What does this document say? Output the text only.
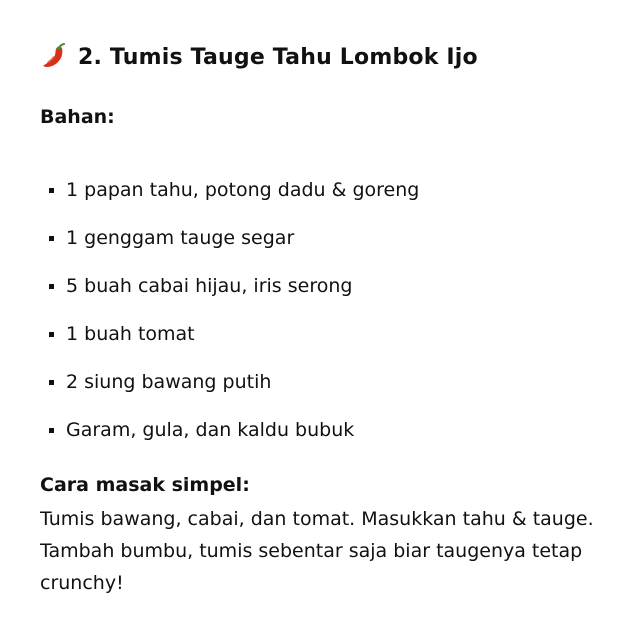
2. Tumis Tauge Tahu Lombok Ijo
Bahan:
1 papan tahu, potong dadu & goreng
1 genggam tauge segar
5 buah cabai hijau, iris serong
1 buah tomat
2 siung bawang putih
Garam, gula, dan kaldu bubuk
Cara masak simpel:

Tumis bawang, cabai, dan tomat. Masukkan tahu & tauge. Tambah bumbu, tumis sebentar saja biar taugenya tetap crunchy!
